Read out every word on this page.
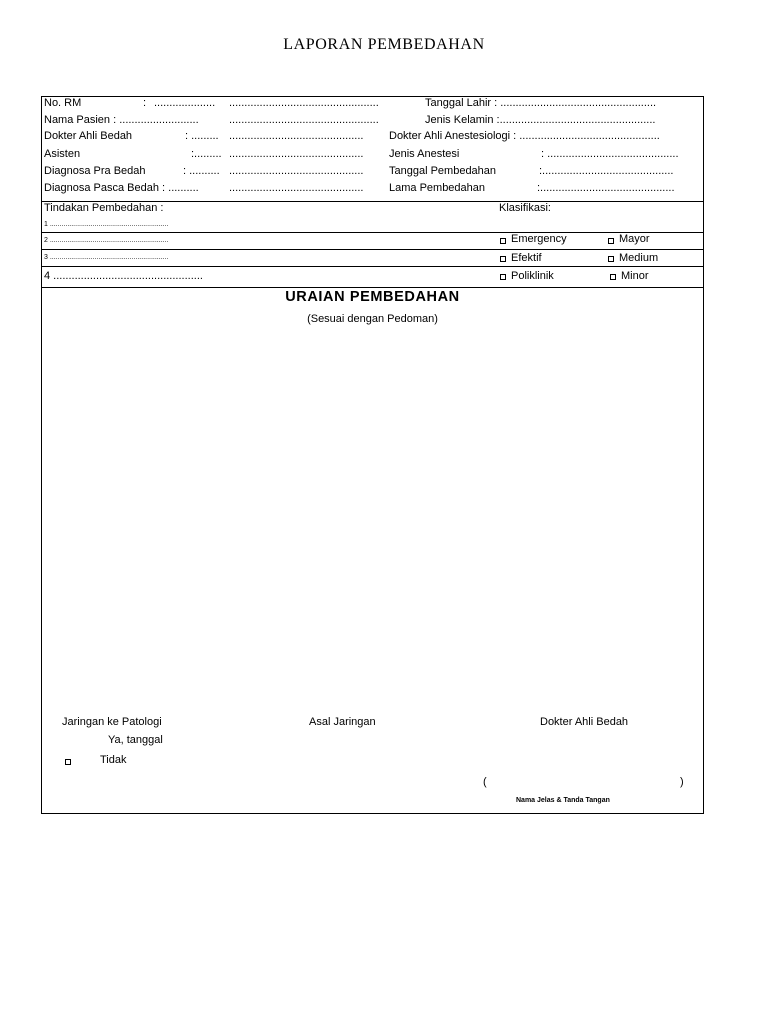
LAPORAN PEMBEDAHAN
No. RM	: .................... .................................................	Tanggal Lahir : ...................................................
Nama Pasien : ..........................	.................................................	Jenis Kelamin :...................................................
Dokter Ahli Bedah	: ......... ............................................ Dokter Ahli Anestesiologi : ..............................................
Asisten	:......... ............................................ Jenis Anestesi	: ...........................................
Diagnosa Pra Bedah	: .......... ............................................ Tanggal Pembedahan	:...........................................
Diagnosa Pasca Bedah : ..........	............................................ Lama Pembedahan	:............................................
Tindakan Pembedahan :	Klasifikasi:
1 .............................................................
2 .............................................................	Emergency	Mayor
3 .............................................................	Efektif	Medium
4 .................................................	Poliklinik	Minor
URAIAN PEMBEDAHAN
(Sesuai dengan Pedoman)
Jaringan ke Patologi
Ya, tanggal
Tidak
Asal Jaringan	Dokter Ahli Bedah
(	)
Nama Jelas & Tanda Tangan
